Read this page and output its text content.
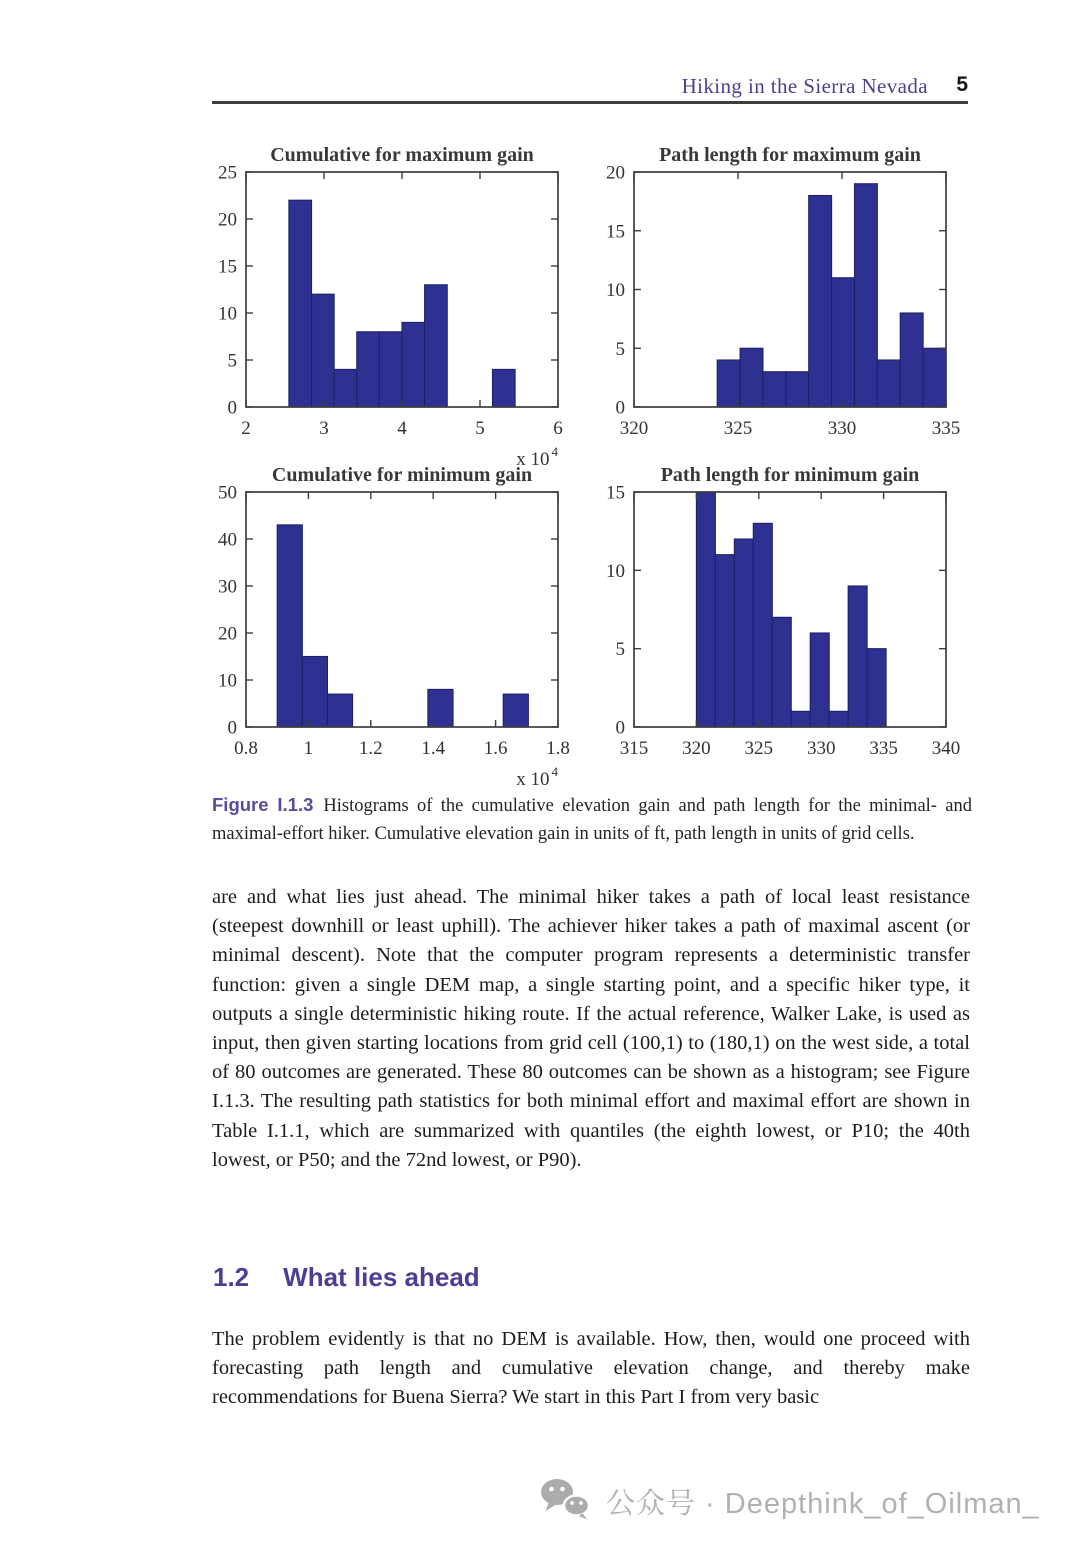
Hiking in the Sierra Nevada 5
2	3	4	5	6
0
5
10
15
20
25
Cumulative for maximum gain
x 10 $^4$
320	325	330	335
0
5
10
15
20
Path length for maximum gain
0.8 1 1.2 1.4 1.6 1.8
0
10
20
30
40
50
Cumulative for minimum gain
x 10 $^4$
315 320 325 330 335 340
0
5
10
15
Path length for minimum gain
Figure I.1.3 Histograms of the cumulative elevation gain and path length for the minimal- and maximal-effort hiker. Cumulative elevation gain in units of ft, path length in units of grid cells.
are and what lies just ahead. The minimal hiker takes a path of local least resistance (steepest downhill or least uphill). The achiever hiker takes a path of maximal ascent (or minimal descent). Note that the computer program represents a deterministic transfer function: given a single DEM map, a single starting point, and a specific hiker type, it outputs a single deterministic hiking route. If the actual reference, Walker Lake, is used as input, then given starting locations from grid cell (100,1) to (180,1) on the west side, a total of 80 outcomes are generated. These 80 outcomes can be shown as a histogram; see Figure I.1.3. The resulting path statistics for both minimal effort and maximal effort are shown in Table I.1.1, which are summarized with quantiles (the eighth lowest, or P10; the 40th lowest, or P50; and the 72nd lowest, or P90).
1.2 What lies ahead
The problem evidently is that no DEM is available. How, then, would one proceed with forecasting path length and cumulative elevation change, and thereby make recommendations for Buena Sierra? We start in this Part I from very basic
公众号 · Deepthink_of_Oilman_
